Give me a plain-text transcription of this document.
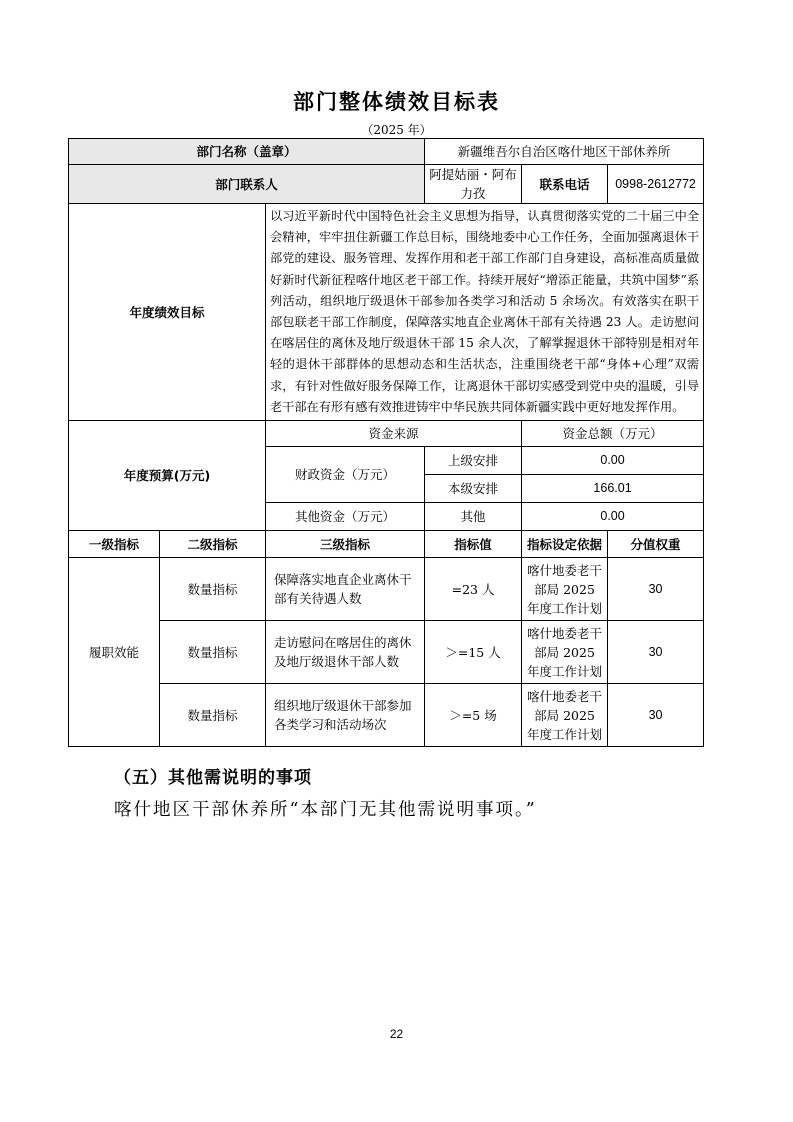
部门整体绩效目标表
（2025 年）
部门名称（盖章）			新疆维吾尔自治区喀什地区干部休养所		
部门联系人			阿提姑丽・阿布力孜	联系电话	0998-2612772
年度绩效目标		以习近平新时代中国特色社会主义思想为指导，认真贯彻落实党的二十届三中全会精神，牢牢扭住新疆工作总目标，围绕地委中心工作任务，全面加强离退休干部党的建设、服务管理、发挥作用和老干部工作部门自身建设，高标准高质量做好新时代新征程喀什地区老干部工作。持续开展好“增添正能量，共筑中国梦”系列活动，组织地厅级退休干部参加各类学习和活动 5 余场次。有效落实在职干部包联老干部工作制度，保障落实地直企业离休干部有关待遇 23 人。走访慰问在喀居住的离休及地厅级退休干部 15 余人次，了解掌握退休干部特别是相对年轻的退休干部群体的思想动态和生活状态，注重围绕老干部“身体+心理”双需求，有针对性做好服务保障工作，让离退休干部切实感受到党中央的温暖，引导老干部在有形有感有效推进铸牢中华民族共同体新疆实践中更好地发挥作用。			
年度预算(万元)		资金来源		资金总额（万元）	
		财政资金（万元）	上级安排	0.00	
			本级安排	166.01	
		其他资金（万元）	其他	0.00	
一级指标	二级指标	三级指标	指标值	指标设定依据	分值权重
履职效能	数量指标	保障落实地直企业离休干部有关待遇人数	=23 人	喀什地委老干部局 2025 年度工作计划	30
	数量指标	走访慰问在喀居住的离休及地厅级退休干部人数	＞=15 人	喀什地委老干部局 2025 年度工作计划	30
	数量指标	组织地厅级退休干部参加各类学习和活动场次	＞=5 场	喀什地委老干部局 2025 年度工作计划	30
（五）其他需说明的事项
喀什地区干部休养所“本部门无其他需说明事项。”
22
